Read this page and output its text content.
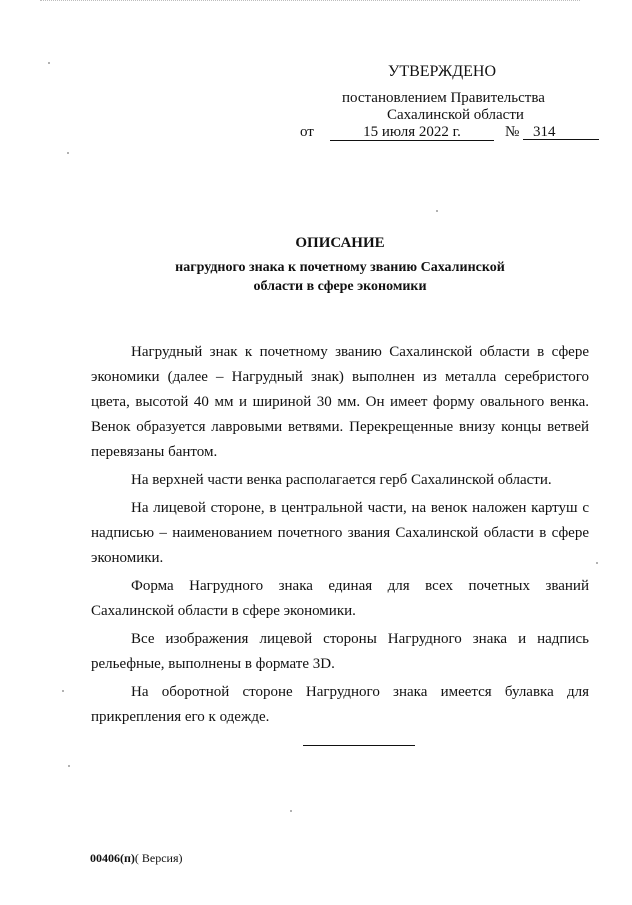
УТВЕРЖДЕНО
постановлением Правительства
Сахалинской области
от	15 июля 2022 г.	№ 314
ОПИСАНИЕ
нагрудного знака к почетному званию Сахалинской
области в сфере экономики

Нагрудный знак к почетному званию Сахалинской области в сфере экономики (далее – Нагрудный знак) выполнен из металла серебристого цвета, высотой 40 мм и шириной 30 мм. Он имеет форму овального венка. Венок образуется лавровыми ветвями. Перекрещенные внизу концы ветвей перевязаны бантом.

На верхней части венка располагается герб Сахалинской области.

На лицевой стороне, в центральной части, на венок наложен картуш с надписью – наименованием почетного звания Сахалинской области в сфере экономики.

Форма Нагрудного знака единая для всех почетных званий Сахалинской области в сфере экономики.

Все изображения лицевой стороны Нагрудного знака и надпись рельефные, выполнены в формате 3D.

На оборотной стороне Нагрудного знака имеется булавка для прикрепления его к одежде.

00406(п)( Версия)
